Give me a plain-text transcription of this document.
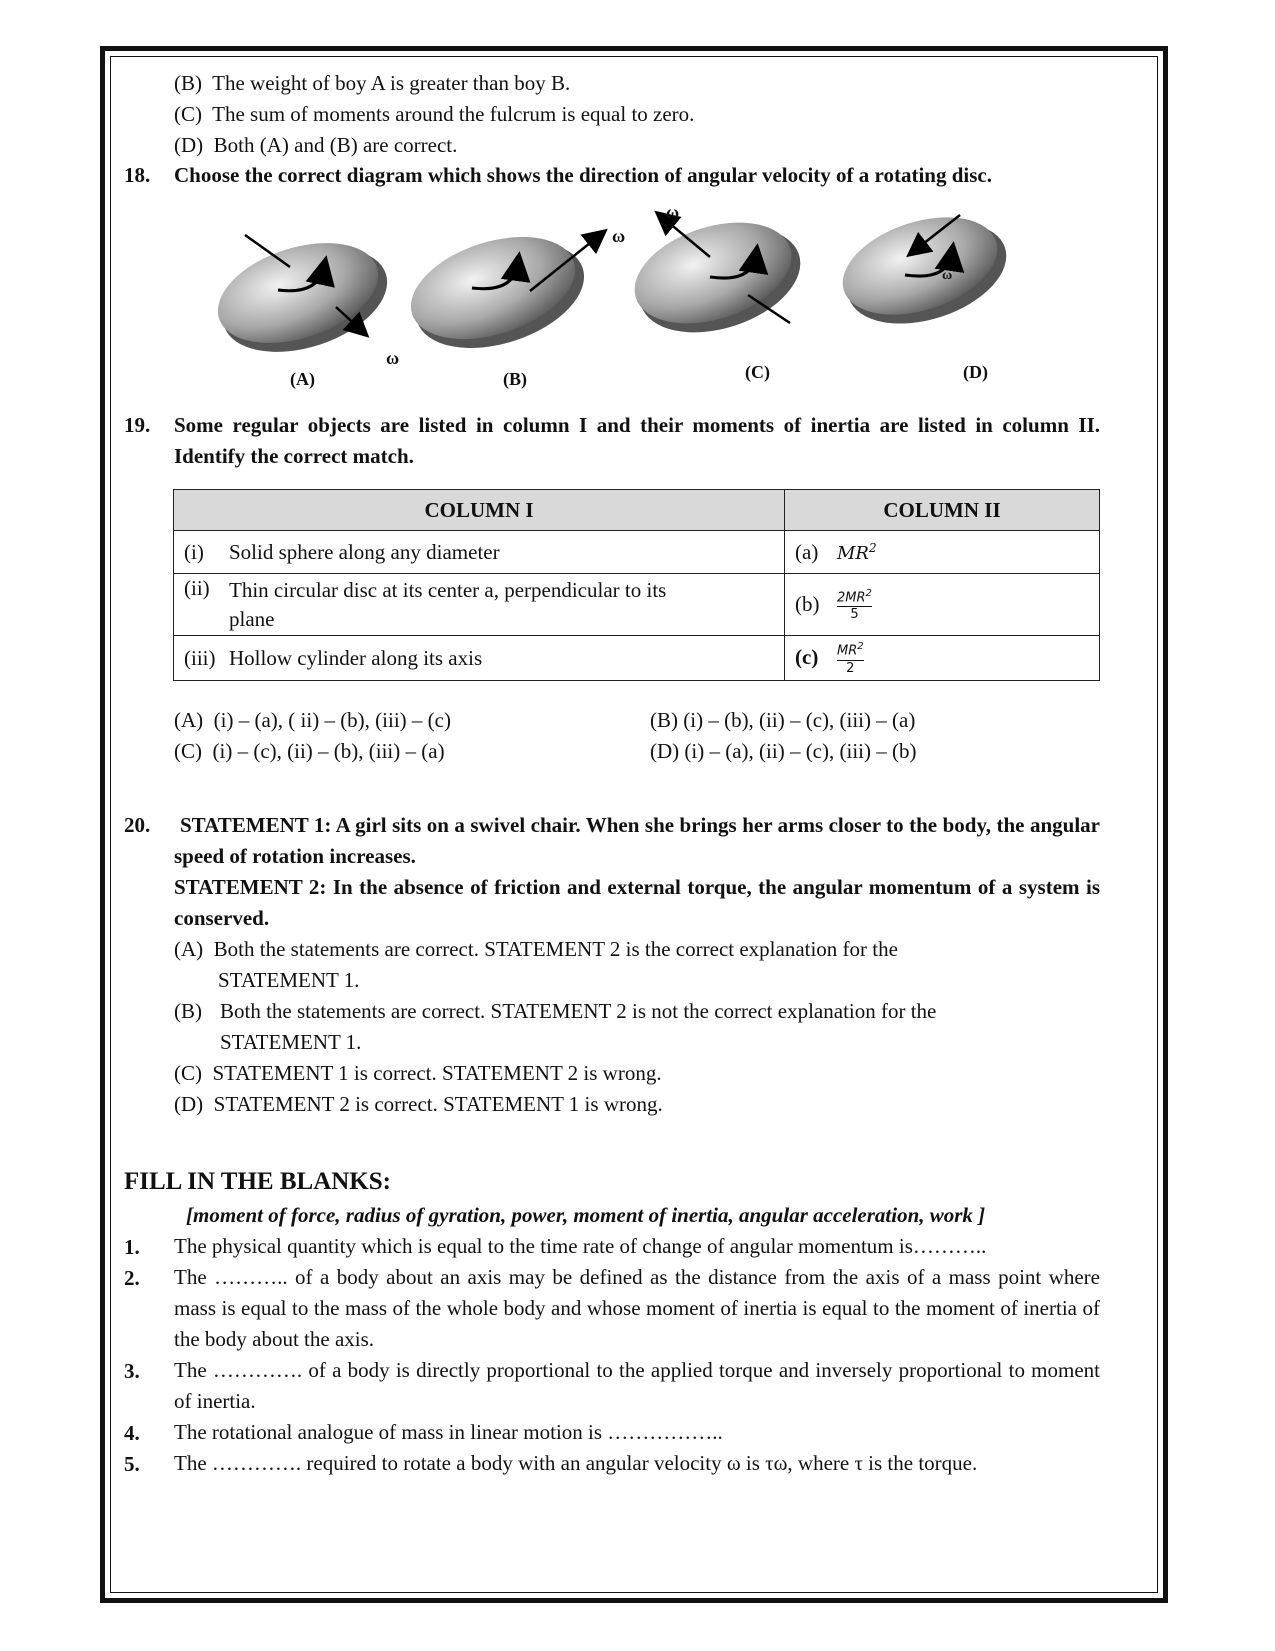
(B) The weight of boy A is greater than boy B.
(C) The sum of moments around the fulcrum is equal to zero.
(D) Both (A) and (B) are correct.
18. Choose the correct diagram which shows the direction of angular velocity of a rotating disc.
ω
ω
ω
ω
(A)	(B)	(C)	(D)
19. Some regular objects are listed in column I and their moments of inertia are listed in column II. Identify the correct match.
COLUMN I	COLUMN II

(i) Solid sphere along any diameter	(a) $MR^2$

(ii) Thin circular disc at its center a, perpendicular to its plane	$(b) \frac{2MR^2}{5}$

(iii) Hollow cylinder along its axis	$(c) \frac{MR^2}{2}$
(A) (i) – (a), ( ii) – (b), (iii) – (c)	(B) (i) – (b), (ii) – (c), (iii) – (a)
(C) (i) – (c), (ii) – (b), (iii) – (a)	(D) (i) – (a), (ii) – (c), (iii) – (b)
20. STATEMENT 1: A girl sits on a swivel chair. When she brings her arms closer to the body, the angular speed of rotation increases.
STATEMENT 2: In the absence of friction and external torque, the angular momentum of a system is conserved.
(A) Both the statements are correct. STATEMENT 2 is the correct explanation for the
STATEMENT 1.
(B) Both the statements are correct. STATEMENT 2 is not the correct explanation for the
STATEMENT 1.
(C) STATEMENT 1 is correct. STATEMENT 2 is wrong.
(D) STATEMENT 2 is correct. STATEMENT 1 is wrong.
FILL IN THE BLANKS:
[moment of force, radius of gyration, power, moment of inertia, angular acceleration, work ]
1. The physical quantity which is equal to the time rate of change of angular momentum is………..
2. The ……….. of a body about an axis may be defined as the distance from the axis of a mass point where mass is equal to the mass of the whole body and whose moment of inertia is equal to the moment of inertia of the body about the axis.
3. The …………. of a body is directly proportional to the applied torque and inversely proportional to moment of inertia.
4. The rotational analogue of mass in linear motion is ……………..
5. The …………. required to rotate a body with an angular velocity ω is τω, where τ is the torque.
